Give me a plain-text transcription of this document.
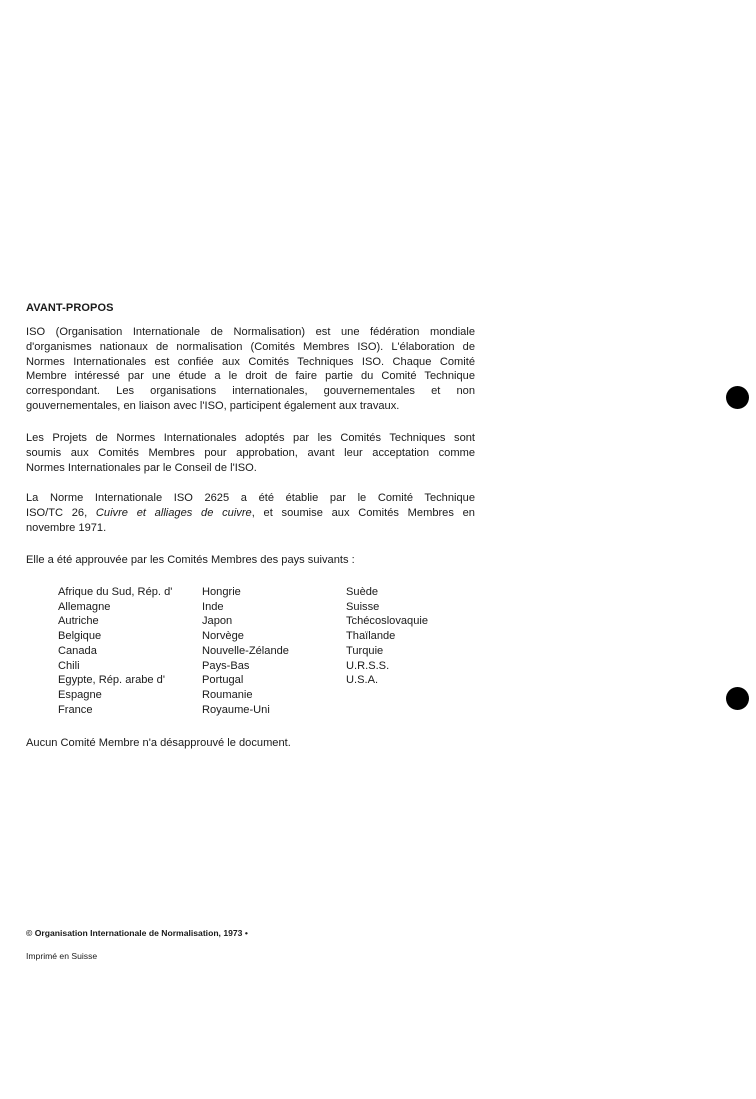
AVANT-PROPOS
ISO (Organisation Internationale de Normalisation) est une fédération mondiale
d'organismes nationaux de normalisation (Comités Membres ISO). L'élaboration de
Normes Internationales est confiée aux Comités Techniques ISO. Chaque Comité
Membre intéressé par une étude a le droit de faire partie du Comité Technique
correspondant. Les organisations internationales, gouvernementales et non
gouvernementales, en liaison avec l'ISO, participent également aux travaux.
Les Projets de Normes Internationales adoptés par les Comités Techniques sont
soumis aux Comités Membres pour approbation, avant leur acceptation comme
Normes Internationales par le Conseil de l'ISO.
La Norme Internationale ISO 2625 a été établie par le Comité Technique
ISO/TC 26, Cuivre et alliages de cuivre, et soumise aux Comités Membres en
novembre 1971.
Elle a été approuvée par les Comités Membres des pays suivants :
Afrique du Sud, Rép. d'
Allemagne
Autriche
Belgique
Canada
Chili
Egypte, Rép. arabe d'
Espagne
France
Hongrie
Inde
Japon
Norvège
Nouvelle-Zélande
Pays-Bas
Portugal
Roumanie
Royaume-Uni
Suède
Suisse
Tchécoslovaquie
Thaïlande
Turquie
U.R.S.S.
U.S.A.
Aucun Comité Membre n'a désapprouvé le document.
© Organisation Internationale de Normalisation, 1973 •
Imprimé en Suisse
